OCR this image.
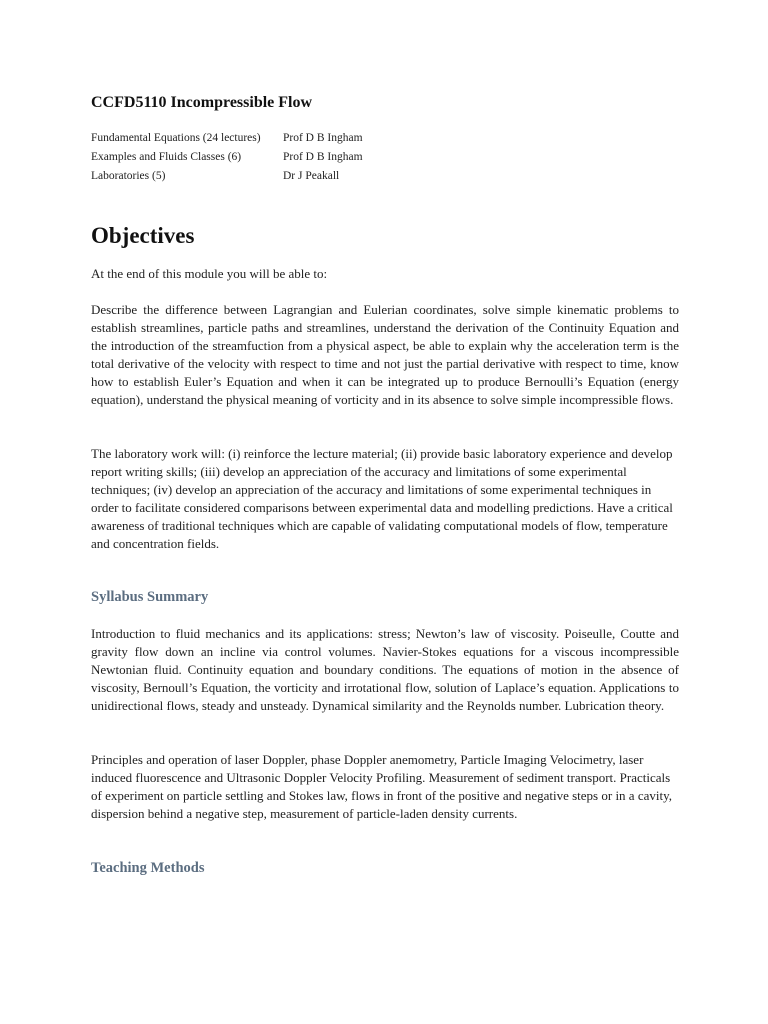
CCFD5110 Incompressible Flow
Fundamental Equations (24 lectures)	Prof D B Ingham
Examples and Fluids Classes (6)	Prof D B Ingham
Laboratories (5)	Dr J Peakall
Objectives

At the end of this module you will be able to:

Describe the difference between Lagrangian and Eulerian coordinates, solve simple kinematic problems to establish streamlines, particle paths and streamlines, understand the derivation of the Continuity Equation and the introduction of the streamfuction from a physical aspect, be able to explain why the acceleration term is the total derivative of the velocity with respect to time and not just the partial derivative with respect to time, know how to establish Euler’s Equation and when it can be integrated up to produce Bernoulli’s Equation (energy equation), understand the physical meaning of vorticity and in its absence to solve simple incompressible flows.

The laboratory work will: (i) reinforce the lecture material; (ii) provide basic laboratory experience and develop report writing skills; (iii) develop an appreciation of the accuracy and limitations of some experimental techniques; (iv) develop an appreciation of the accuracy and limitations of some experimental techniques in order to facilitate considered comparisons between experimental data and modelling predictions. Have a critical awareness of traditional techniques which are capable of validating computational models of flow, temperature and concentration fields.

Syllabus Summary

Introduction to fluid mechanics and its applications: stress; Newton’s law of viscosity. Poiseulle, Coutte and gravity flow down an incline via control volumes. Navier-Stokes equations for a viscous incompressible Newtonian fluid. Continuity equation and boundary conditions. The equations of motion in the absence of viscosity, Bernoull’s Equation, the vorticity and irrotational flow, solution of Laplace’s equation. Applications to unidirectional flows, steady and unsteady. Dynamical similarity and the Reynolds number. Lubrication theory.

Principles and operation of laser Doppler, phase Doppler anemometry, Particle Imaging Velocimetry, laser induced fluorescence and Ultrasonic Doppler Velocity Profiling. Measurement of sediment transport. Practicals of experiment on particle settling and Stokes law, flows in front of the positive and negative steps or in a cavity, dispersion behind a negative step, measurement of particle-laden density currents.

Teaching Methods
